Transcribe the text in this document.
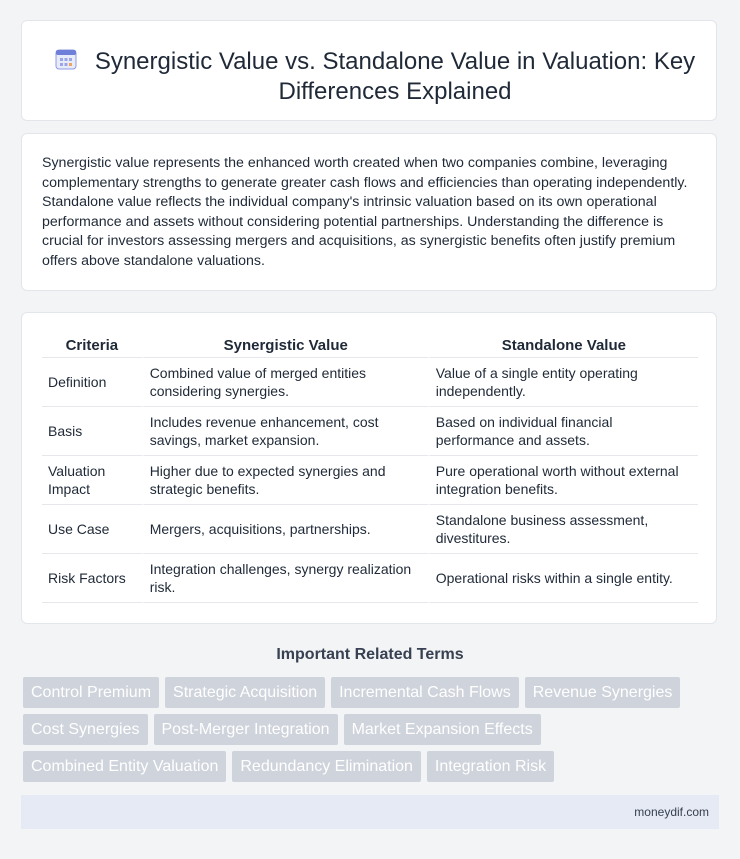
Synergistic Value vs. Standalone Value in Valuation: Key Differences Explained

Synergistic value represents the enhanced worth created when two companies combine, leveraging complementary strengths to generate greater cash flows and efficiencies than operating independently. Standalone value reflects the individual company's intrinsic valuation based on its own operational performance and assets without considering potential partnerships. Understanding the difference is crucial for investors assessing mergers and acquisitions, as synergistic benefits often justify premium offers above standalone valuations.

Criteria	Synergistic Value	Standalone Value
Definition	Combined value of merged entities considering synergies.	Value of a single entity operating independently.
Basis	Includes revenue enhancement, cost savings, market expansion.	Based on individual financial performance and assets.
Valuation Impact	Higher due to expected synergies and strategic benefits.	Pure operational worth without external integration benefits.
Use Case	Mergers, acquisitions, partnerships.	Standalone business assessment, divestitures.
Risk Factors	Integration challenges, synergy realization risk.	Operational risks within a single entity.
Important Related Terms
Control Premium	Strategic Acquisition	Incremental Cash Flows	Revenue Synergies
Cost Synergies	Post-Merger Integration	Market Expansion Effects
Combined Entity Valuation	Redundancy Elimination	Integration Risk
moneydif.com
